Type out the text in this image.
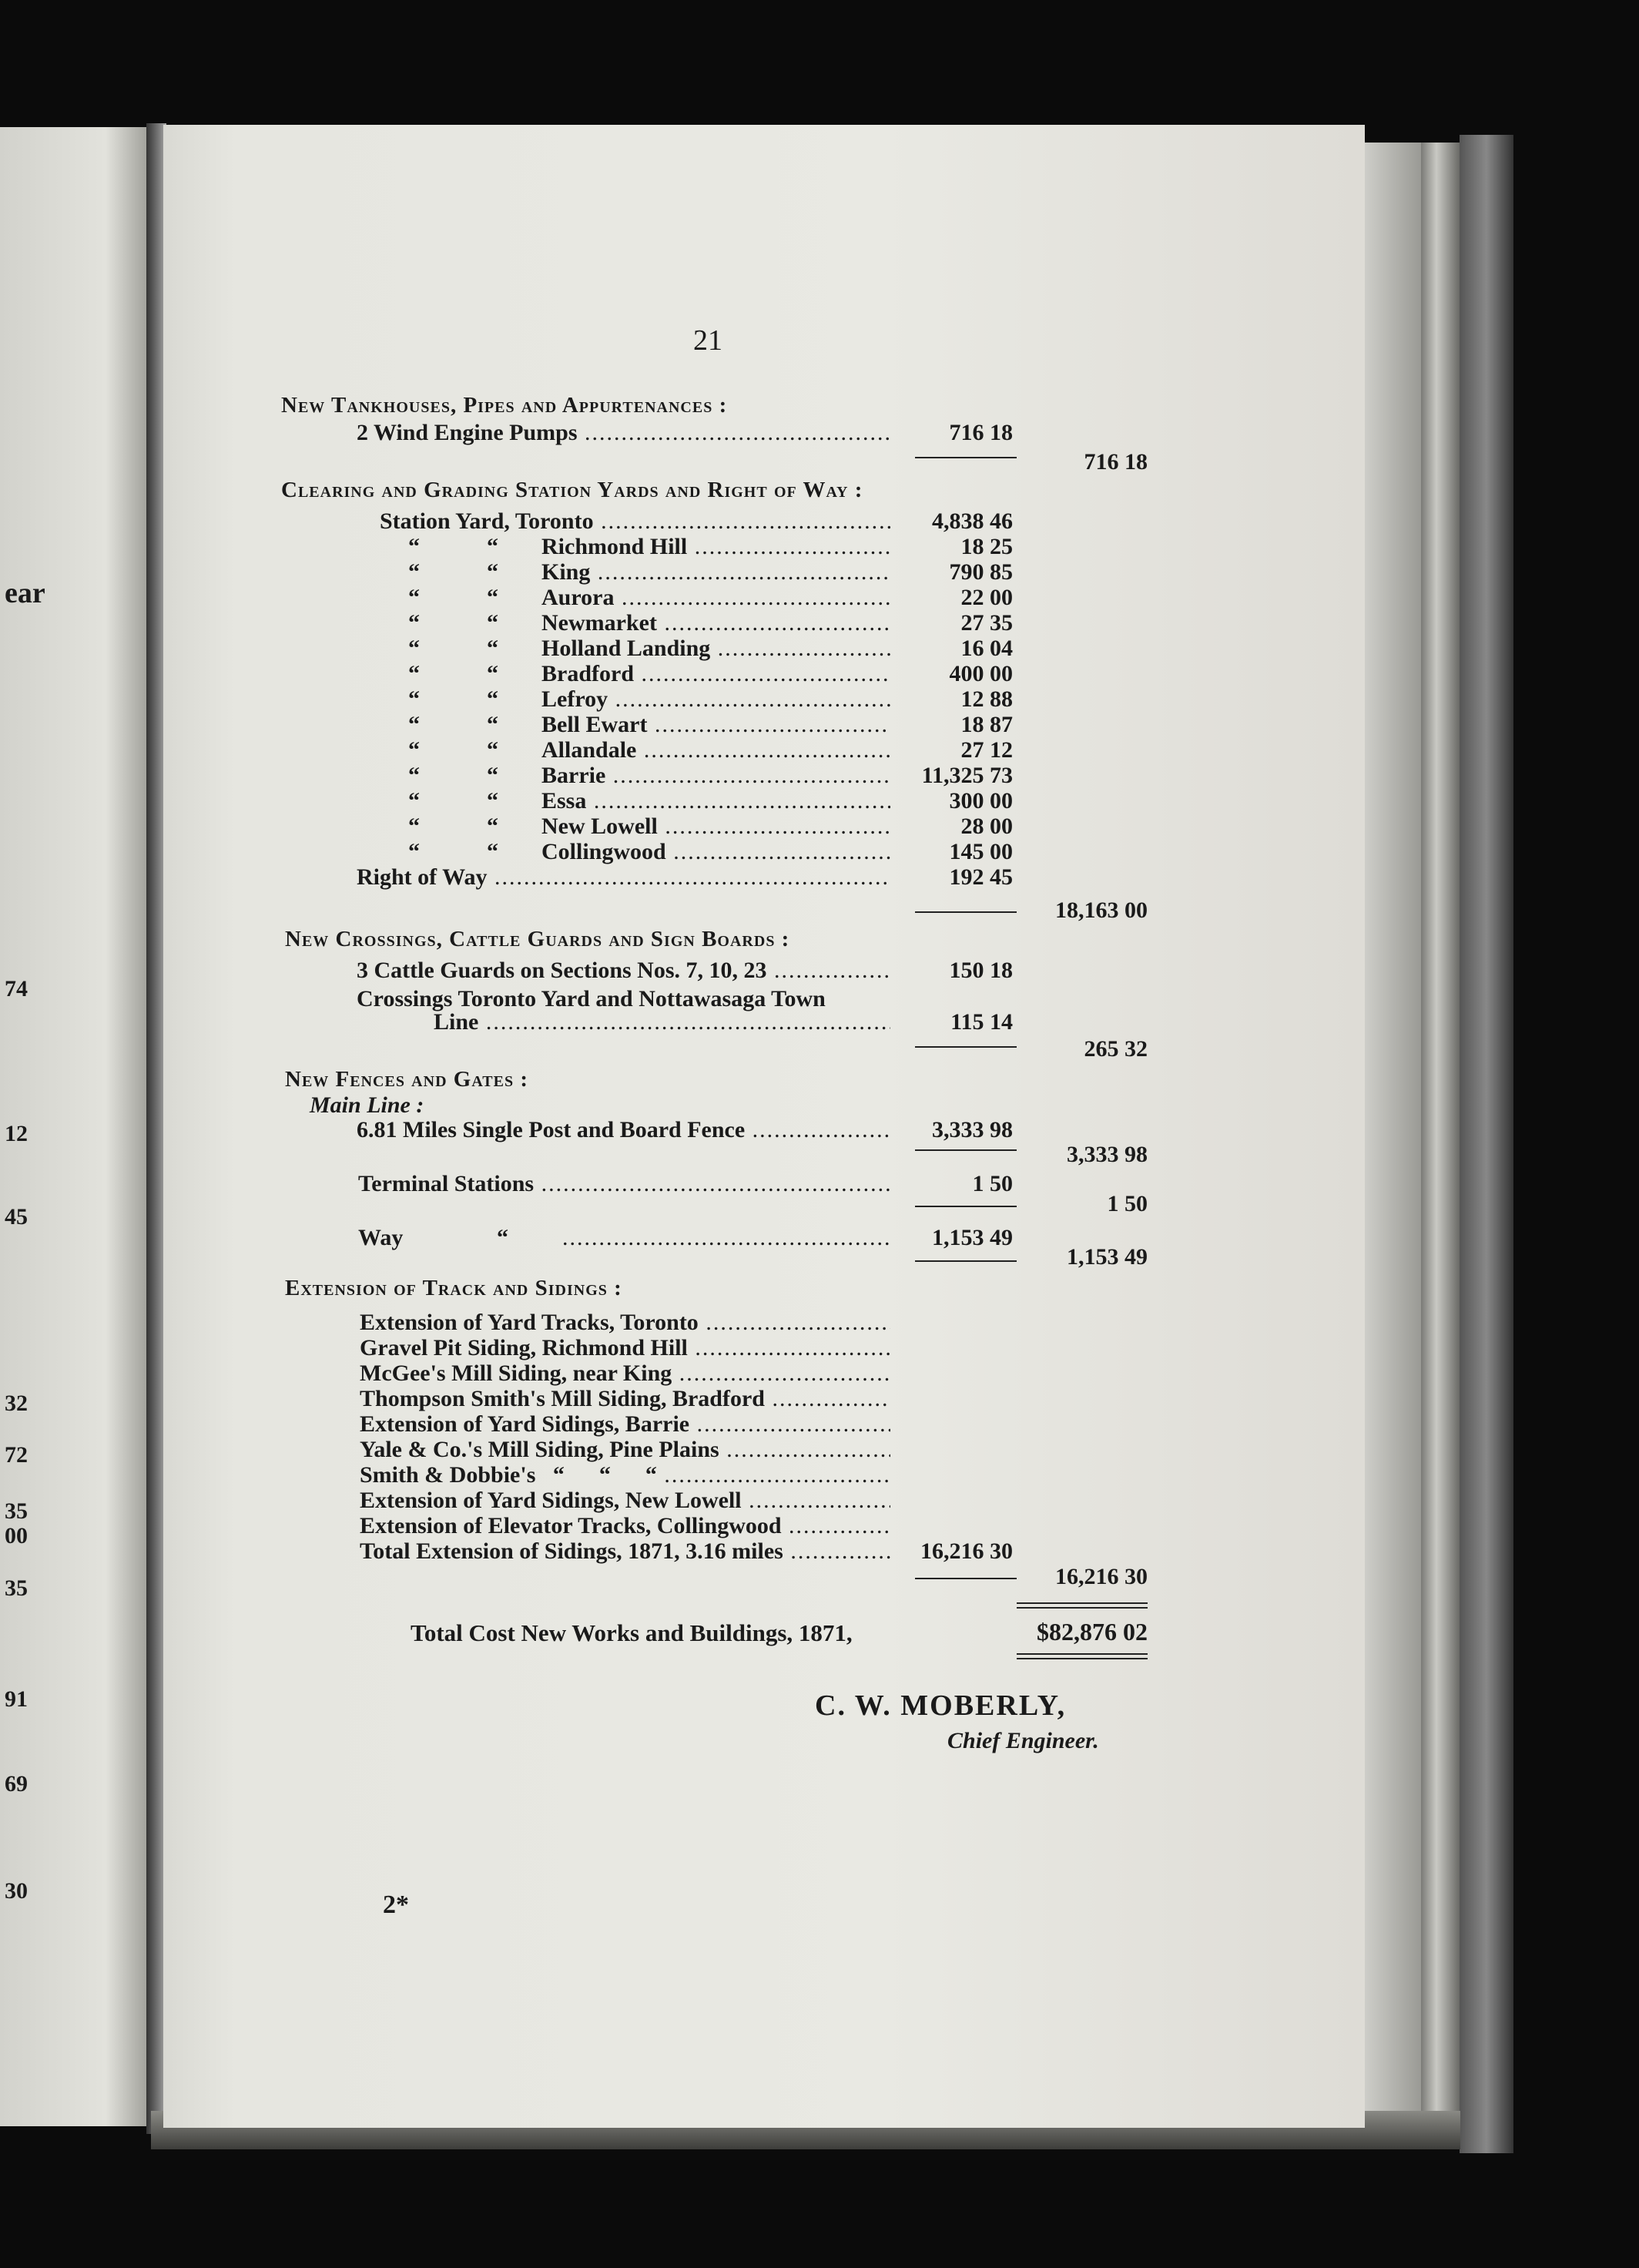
ear
74
12
45
32
72
35
00
35
91
69
30
21
New Tankhouses, Pipes and Appurtenances :
2 Wind Engine Pumps .....	716 18
716 18
Clearing and Grading Station Yards and Right of Way :
Station Yard, Toronto .....	4,838 46
“	“ Richmond Hill .....	18 25
“	“ King .....	790 85
“	“ Aurora .....	22 00
“	“ Newmarket .....	27 35
“	“ Holland Landing .....	16 04
“	“ Bradford .....	400 00
“	“ Lefroy .....	12 88
“	“ Bell Ewart .....	18 87
“	“ Allandale .....	27 12
“	“ Barrie .....	11,325 73
“	“ Essa .....	300 00
“	“ New Lowell .....	28 00
“	“ Collingwood .....	145 00
Right of Way .....	192 45
18,163 00
New Crossings, Cattle Guards and Sign Boards :
3 Cattle Guards on Sections Nos. 7, 10, 23 .....	150 18
Crossings Toronto Yard and Nottawasaga Town
Line .....	115 14
265 32
New Fences and Gates :
Main Line :
6.81 Miles Single Post and Board Fence .....	3,333 98
3,333 98
Terminal Stations .....	1 50
1 50
Way	“
.....	1,153 49
1,153 49
Extension of Track and Sidings :
Extension of Yard Tracks, Toronto .....
Gravel Pit Siding, Richmond Hill .....
McGee's Mill Siding, near King .....
Thompson Smith's Mill Siding, Bradford .....
Extension of Yard Sidings, Barrie .....
Yale & Co.'s Mill Siding, Pine Plains .....
Smith & Dobbie's   “      “      “ .....
Extension of Yard Sidings, New Lowell .....
Extension of Elevator Tracks, Collingwood .....
Total Extension of Sidings, 1871, 3.16 miles .....	16,216 30
16,216 30
Total Cost New Works and Buildings, 1871,	$82,876 02
C. W. MOBERLY,
Chief Engineer.
2*
